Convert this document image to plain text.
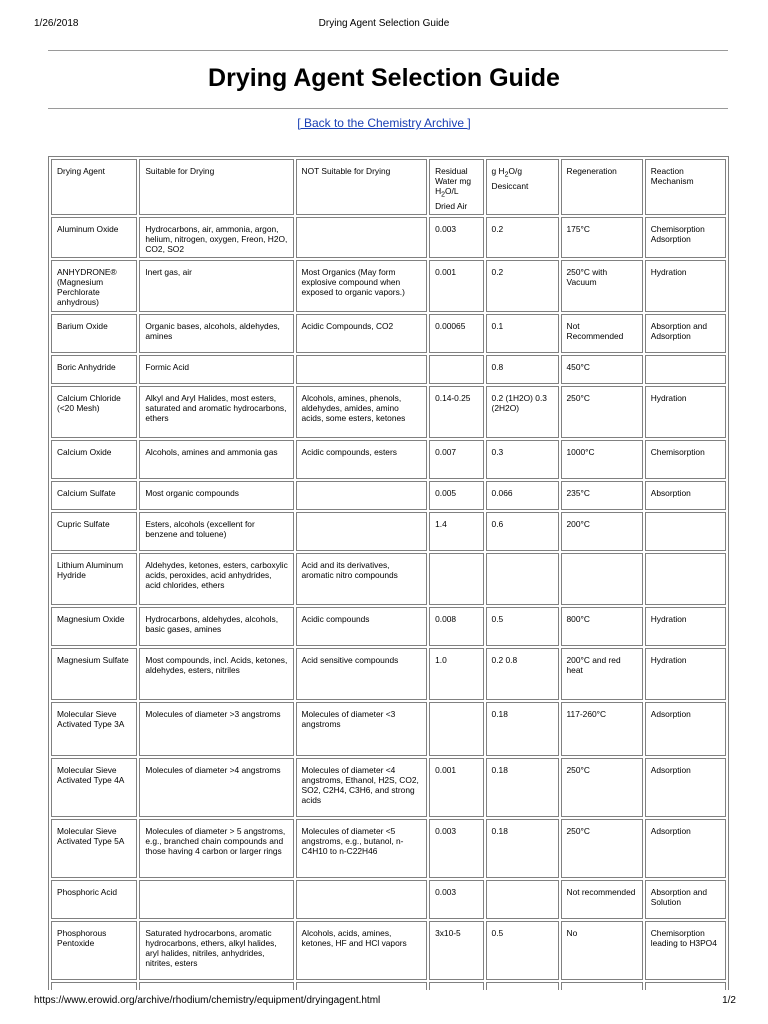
1/26/2018	Drying Agent Selection Guide
Drying Agent Selection Guide
[ Back to the Chemistry Archive ]
Drying Agent	Suitable for Drying	NOT Suitable for Drying	Residual Water mg $H_2O/L$ Dried Air	g $H_2O/g$ Desiccant	Regeneration	Reaction Mechanism
Aluminum Oxide	Hydrocarbons, air, ammonia, argon, helium, nitrogen, oxygen, Freon, H2O, CO2, SO2		0.003	0.2	175°C	Chemisorption Adsorption
ANHYDRONE® (Magnesium Perchlorate anhydrous)	Inert gas, air	Most Organics (May form explosive compound when exposed to organic vapors.)	0.001	0.2	250°C with Vacuum	Hydration
Barium Oxide	Organic bases, alcohols, aldehydes, amines	Acidic Compounds, CO2	0.00065	0.1	Not Recommended	Absorption and Adsorption
Boric Anhydride	Formic Acid			0.8	450°C	
Calcium Chloride (<20 Mesh)	Alkyl and Aryl Halides, most esters, saturated and aromatic hydrocarbons, ethers	Alcohols, amines, phenols, aldehydes, amides, amino acids, some esters, ketones	0.14-0.25	0.2 (1H2O) 0.3 (2H2O)	250°C	Hydration
Calcium Oxide	Alcohols, amines and ammonia gas	Acidic compounds, esters	0.007	0.3	1000°C	Chemisorption
Calcium Sulfate	Most organic compounds		0.005	0.066	235°C	Absorption
Cupric Sulfate	Esters, alcohols (excellent for benzene and toluene)		1.4	0.6	200°C	
Lithium Aluminum Hydride	Aldehydes, ketones, esters, carboxylic acids, peroxides, acid anhydrides, acid chlorides, ethers	Acid and its derivatives, aromatic nitro compounds				
Magnesium Oxide	Hydrocarbons, aldehydes, alcohols, basic gases, amines	Acidic compounds	0.008	0.5	800°C	Hydration
Magnesium Sulfate	Most compounds, incl. Acids, ketones, aldehydes, esters, nitriles	Acid sensitive compounds	1.0	0.2 0.8	200°C and red heat	Hydration
Molecular Sieve Activated Type 3A	Molecules of diameter >3 angstroms	Molecules of diameter <3 angstroms		0.18	117-260°C	Adsorption
Molecular Sieve Activated Type 4A	Molecules of diameter >4 angstroms	Molecules of diameter <4 angstroms, Ethanol, H2S, CO2, SO2, C2H4, C3H6, and strong acids	0.001	0.18	250°C	Adsorption
Molecular Sieve Activated Type 5A	Molecules of diameter > 5 angstroms, e.g., branched chain compounds and those having 4 carbon or larger rings	Molecules of diameter <5 angstroms, e.g., butanol, n-C4H10 to n-C22H46	0.003	0.18	250°C	Adsorption
Phosphoric Acid			0.003		Not recommended	Absorption and Solution
Phosphorous Pentoxide	Saturated hydrocarbons, aromatic hydrocarbons, ethers, alkyl halides, aryl halides, nitriles, anhydrides, nitrites, esters	Alcohols, acids, amines, ketones, HF and HCl vapors	3x10-5	0.5	No	Chemisorption leading to H3PO4

https://www.erowid.org/archive/rhodium/chemistry/equipment/dryingagent.html	1/2
